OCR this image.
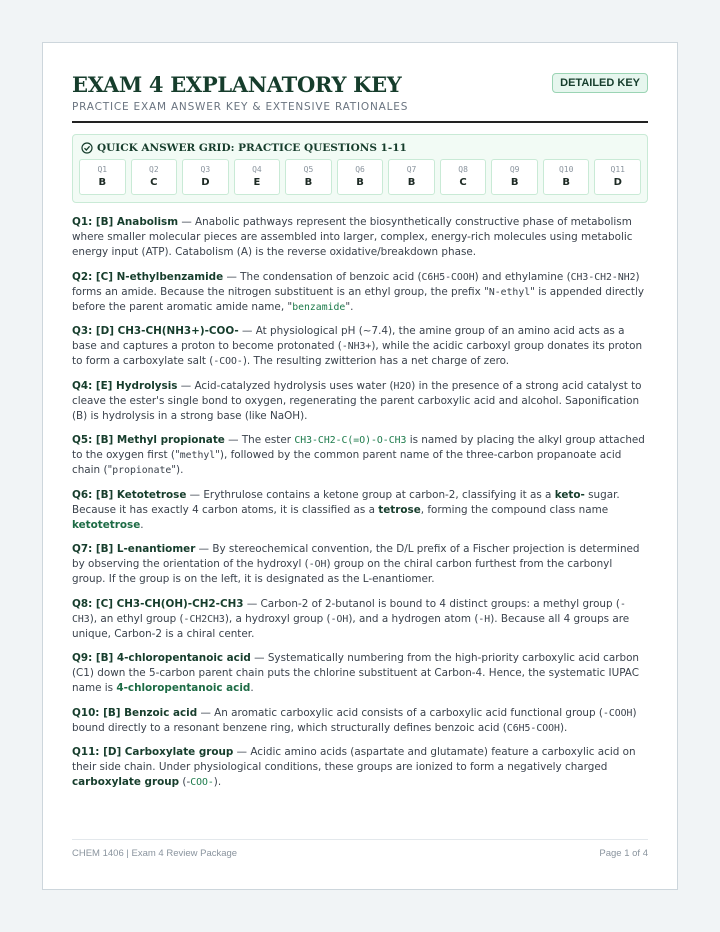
EXAM 4 EXPLANATORY KEY
PRACTICE EXAM ANSWER KEY & EXTENSIVE RATIONALES
DETAILED KEY
QUICK ANSWER GRID: PRACTICE QUESTIONS 1-11
Q1
B
Q2
C
Q3
D
Q4
E
Q5
B
Q6
B
Q7
B
Q8
C
Q9
B
Q10
B
Q11
D

Q1: [B] Anabolism — Anabolic pathways represent the biosynthetically constructive phase of metabolism where smaller molecular pieces are assembled into larger, complex, energy-rich molecules using metabolic energy input (ATP). Catabolism (A) is the reverse oxidative/breakdown phase.

Q2: [C] N-ethylbenzamide — The condensation of benzoic acid (C6H5-COOH) and ethylamine (CH3-CH2-NH2) forms an amide. Because the nitrogen substituent is an ethyl group, the prefix "N-ethyl" is appended directly before the parent aromatic amide name, "benzamide".

Q3: [D] CH3-CH(NH3+)-COO- — At physiological pH (~7.4), the amine group of an amino acid acts as a base and captures a proton to become protonated (-NH3+), while the acidic carboxyl group donates its proton to form a carboxylate salt (-COO-). The resulting zwitterion has a net charge of zero.

Q4: [E] Hydrolysis — Acid-catalyzed hydrolysis uses water (H2O) in the presence of a strong acid catalyst to cleave the ester's single bond to oxygen, regenerating the parent carboxylic acid and alcohol. Saponification (B) is hydrolysis in a strong base (like NaOH).

Q5: [B] Methyl propionate — The ester CH3-CH2-C(=O)-O-CH3 is named by placing the alkyl group attached to the oxygen first ("methyl"), followed by the common parent name of the three-carbon propanoate acid chain ("propionate").

Q6: [B] Ketotetrose — Erythrulose contains a ketone group at carbon-2, classifying it as a keto- sugar. Because it has exactly 4 carbon atoms, it is classified as a tetrose, forming the compound class name ketotetrose.

Q7: [B] L-enantiomer — By stereochemical convention, the D/L prefix of a Fischer projection is determined by observing the orientation of the hydroxyl (-OH) group on the chiral carbon furthest from the carbonyl group. If the group is on the left, it is designated as the L-enantiomer.

Q8: [C] CH3-CH(OH)-CH2-CH3 — Carbon-2 of 2-butanol is bound to 4 distinct groups: a methyl group (-CH3), an ethyl group (-CH2CH3), a hydroxyl group (-OH), and a hydrogen atom (-H). Because all 4 groups are unique, Carbon-2 is a chiral center.

Q9: [B] 4-chloropentanoic acid — Systematically numbering from the high-priority carboxylic acid carbon (C1) down the 5-carbon parent chain puts the chlorine substituent at Carbon-4. Hence, the systematic IUPAC name is 4-chloropentanoic acid.

Q10: [B] Benzoic acid — An aromatic carboxylic acid consists of a carboxylic acid functional group (-COOH) bound directly to a resonant benzene ring, which structurally defines benzoic acid (C6H5-COOH).

Q11: [D] Carboxylate group — Acidic amino acids (aspartate and glutamate) feature a carboxylic acid on their side chain. Under physiological conditions, these groups are ionized to form a negatively charged carboxylate group (-COO-).

CHEM 1406 | Exam 4 Review Package	Page 1 of 4
